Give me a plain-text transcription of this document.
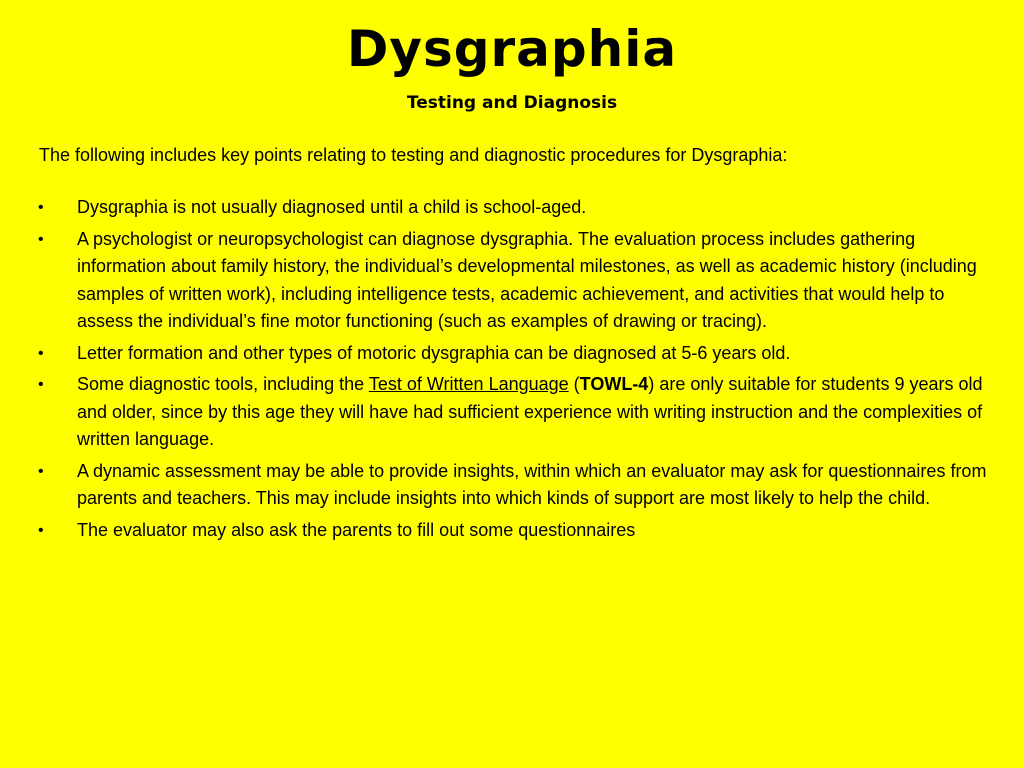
Dysgraphia
Testing and Diagnosis
The following includes key points relating to testing and diagnostic procedures for Dysgraphia:
•	Dysgraphia is not usually diagnosed until a child is school-aged.
•	A psychologist or neuropsychologist can diagnose dysgraphia. The evaluation process includes gathering information about family history, the individual’s developmental milestones, as well as academic history (including samples of written work), including intelligence tests, academic achievement, and activities that would help to assess the individual’s fine motor functioning (such as examples of drawing or tracing).
•	Letter formation and other types of motoric dysgraphia can be diagnosed at 5-6 years old.
•	Some diagnostic tools, including the Test of Written Language (TOWL-4) are only suitable for students 9 years old and older, since by this age they will have had sufficient experience with writing instruction and the complexities of written language.
•	A dynamic assessment may be able to provide insights, within which an evaluator may ask for questionnaires from parents and teachers. This may include insights into which kinds of support are most likely to help the child.
•	The evaluator may also ask the parents to fill out some questionnaires
